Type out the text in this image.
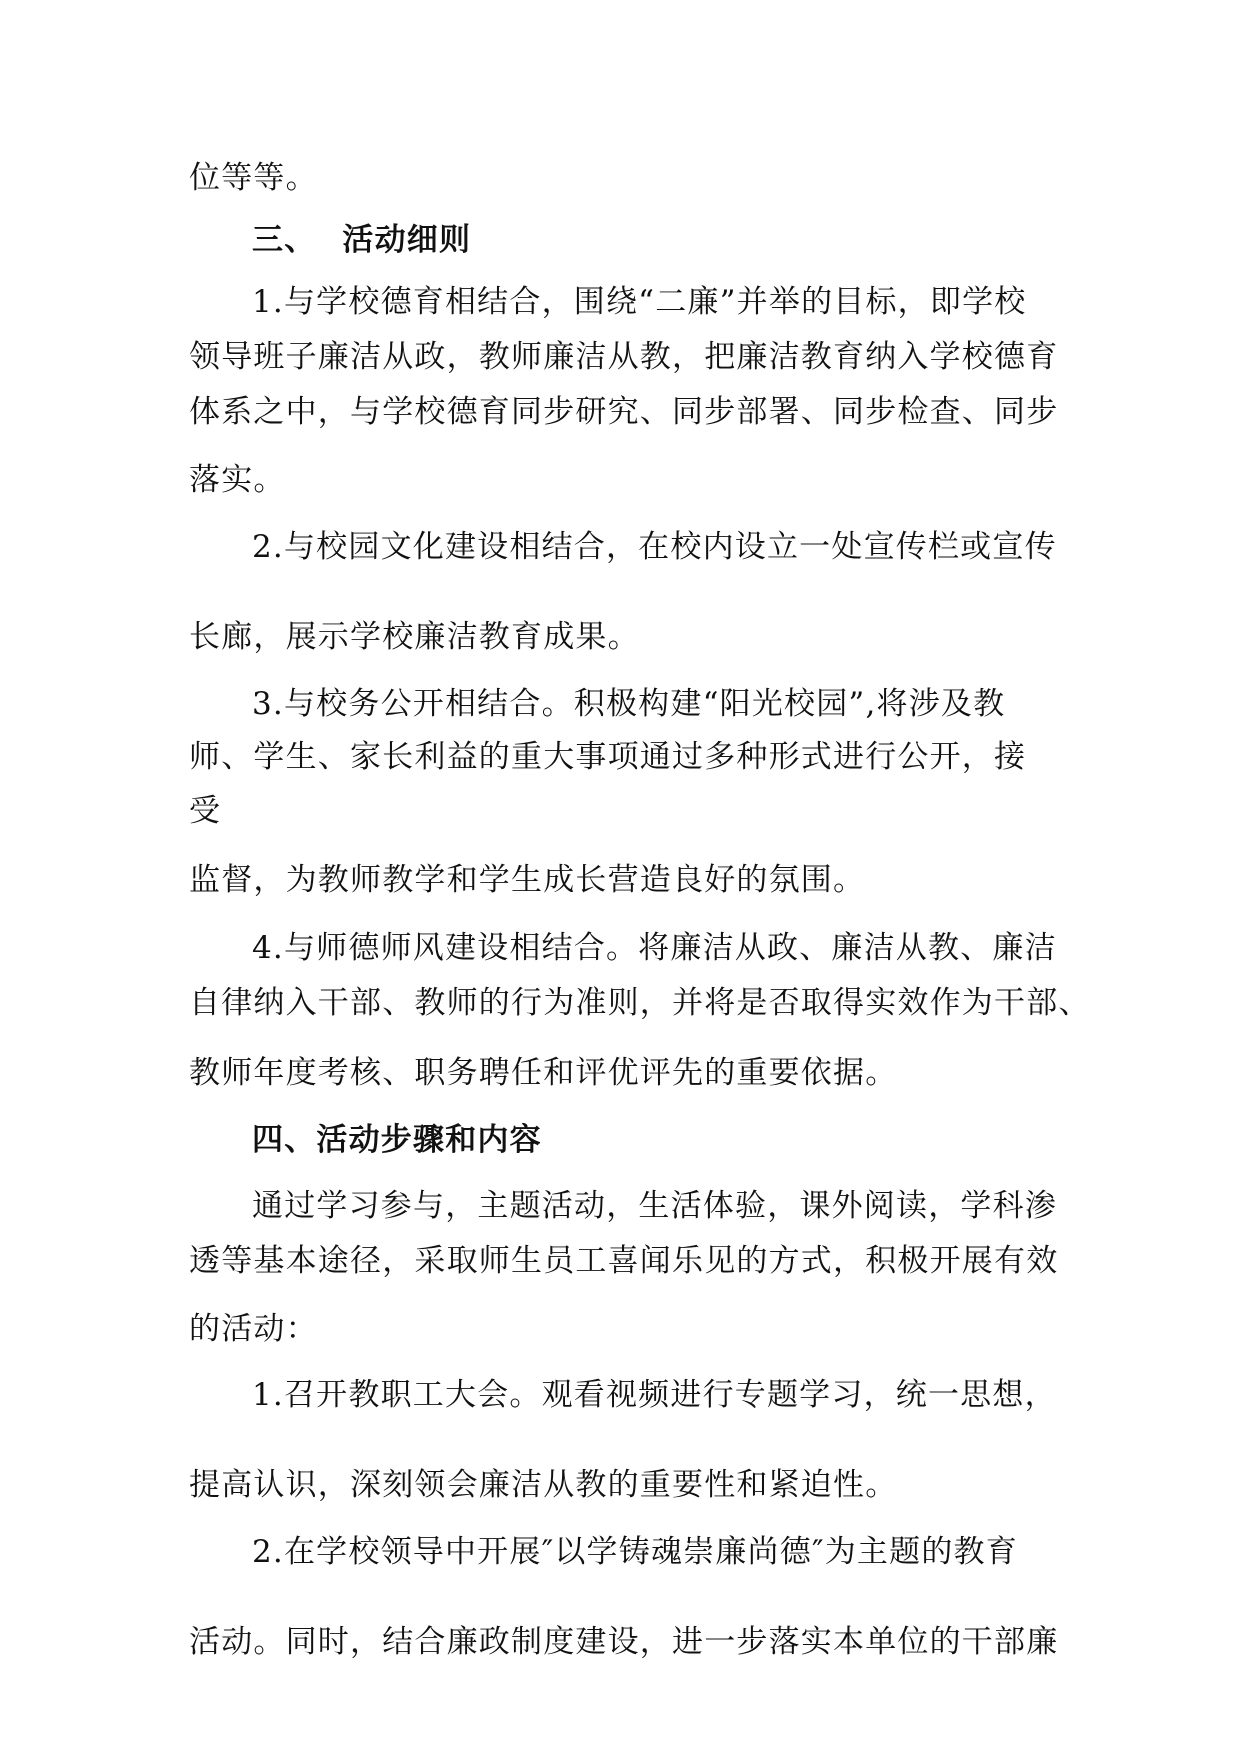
位等等。
三、 活动细则
1.与学校德育相结合，围绕“二廉”并举的目标，即学校
领导班子廉洁从政，教师廉洁从教，把廉洁教育纳入学校德育
体系之中，与学校德育同步研究、同步部署、同步检查、同步
落实。
2.与校园文化建设相结合，在校内设立一处宣传栏或宣传
长廊，展示学校廉洁教育成果。
3.与校务公开相结合。积极构建“阳光校园”,将涉及教
师、学生、家长利益的重大事项通过多种形式进行公开，接
受
监督，为教师教学和学生成长营造良好的氛围。
4.与师德师风建设相结合。将廉洁从政、廉洁从教、廉洁
自律纳入干部、教师的行为准则，并将是否取得实效作为干部、
教师年度考核、职务聘任和评优评先的重要依据。
四、活动步骤和内容
通过学习参与，主题活动，生活体验，课外阅读，学科渗
透等基本途径，采取师生员工喜闻乐见的方式，积极开展有效
的活动：
1.召开教职工大会。观看视频进行专题学习，统一思想，
提高认识，深刻领会廉洁从教的重要性和紧迫性。
2.在学校领导中开展″以学铸魂崇廉尚德″为主题的教育
活动。同时，结合廉政制度建设，进一步落实本单位的干部廉
